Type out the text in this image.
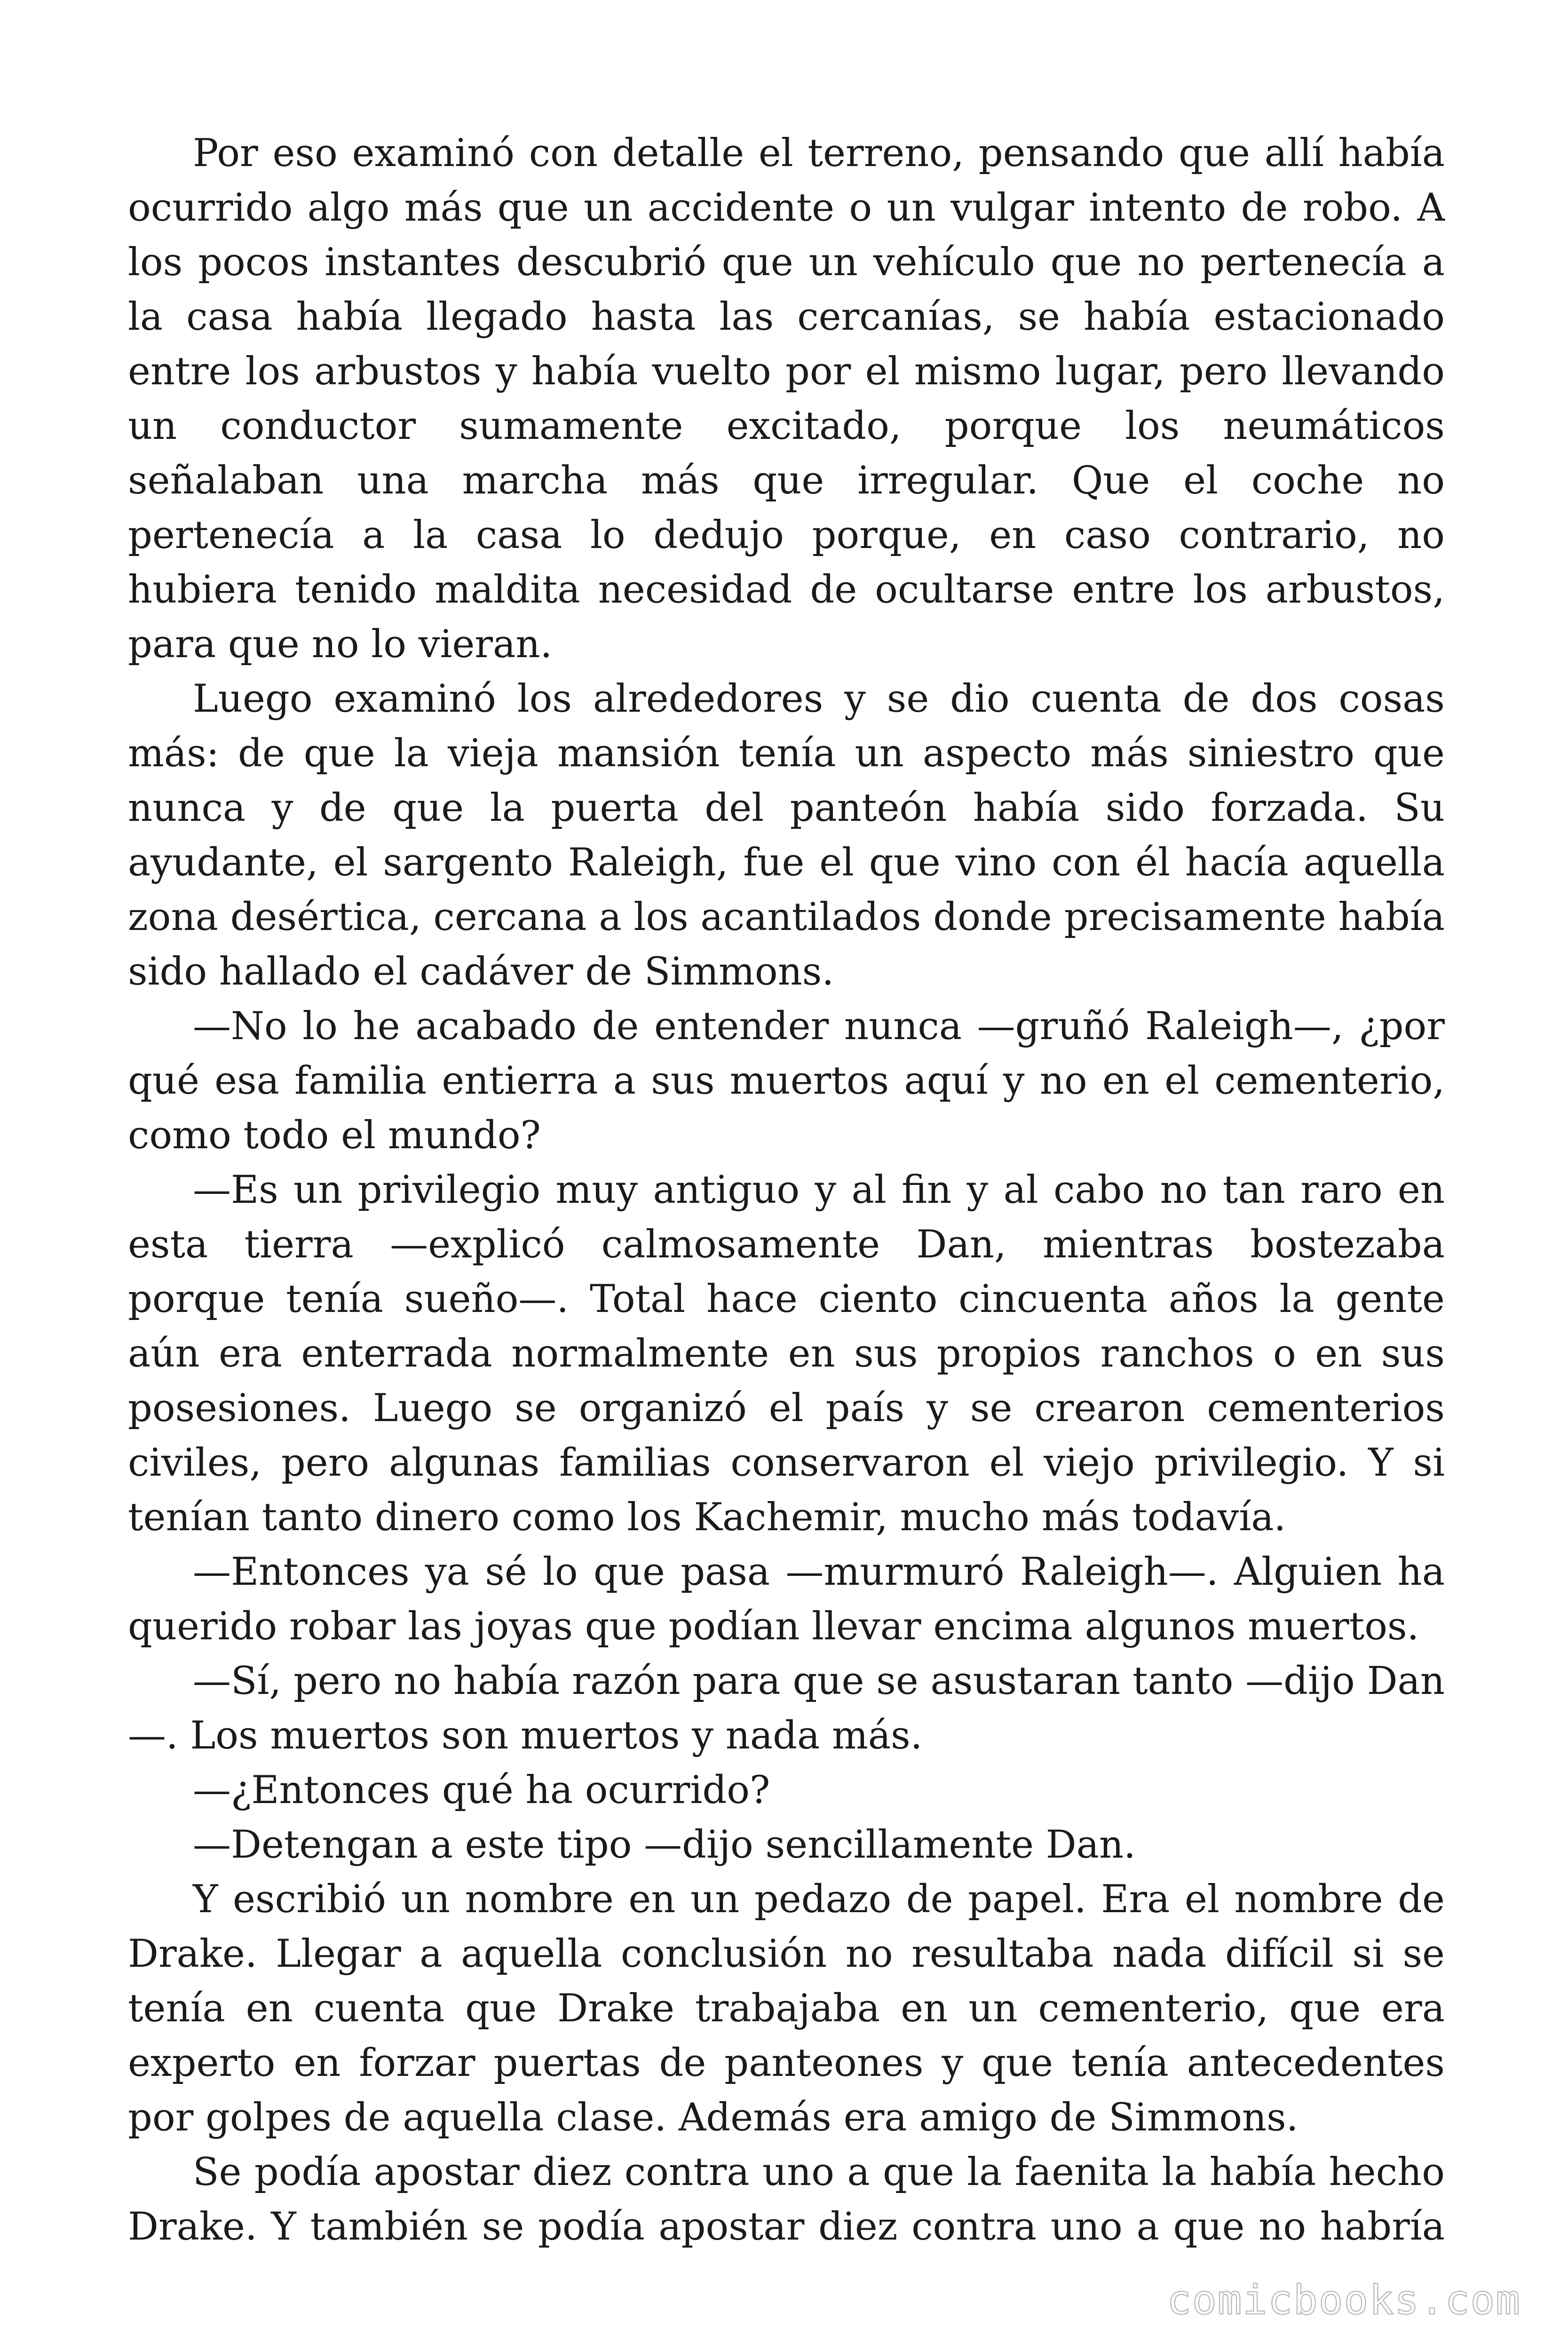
Por eso examinó con detalle el terreno, pensando que allí había ocurrido algo más que un accidente o un vulgar intento de robo. A los pocos instantes descubrió que un vehículo que no pertenecía a la casa había llegado hasta las cercanías, se había estacionado entre los arbustos y había vuelto por el mismo lugar, pero llevando un conductor sumamente excitado, porque los neumáticos señalaban una marcha más que irregular. Que el coche no pertenecía a la casa lo dedujo porque, en caso contrario, no hubiera tenido maldita necesidad de ocultarse entre los arbustos, para que no lo vieran.

Luego examinó los alrededores y se dio cuenta de dos cosas más: de que la vieja mansión tenía un aspecto más siniestro que nunca y de que la puerta del panteón había sido forzada. Su ayudante, el sargento Raleigh, fue el que vino con él hacía aquella zona desértica, cercana a los acantilados donde precisamente había sido hallado el cadáver de Simmons.

—No lo he acabado de entender nunca —gruñó Raleigh—, ¿por qué esa familia entierra a sus muertos aquí y no en el cementerio, como todo el mundo?

—Es un privilegio muy antiguo y al fin y al cabo no tan raro en esta tierra —explicó calmosamente Dan, mientras bostezaba porque tenía sueño—. Total hace ciento cincuenta años la gente aún era enterrada normalmente en sus propios ranchos o en sus posesiones. Luego se organizó el país y se crearon cementerios civiles, pero algunas familias conservaron el viejo privilegio. Y si tenían tanto dinero como los Kachemir, mucho más todavía.

—Entonces ya sé lo que pasa —murmuró Raleigh—. Alguien ha querido robar las joyas que podían llevar encima algunos muertos.

—Sí, pero no había razón para que se asustaran tanto —dijo Dan —. Los muertos son muertos y nada más.

—¿Entonces qué ha ocurrido?

—Detengan a este tipo —dijo sencillamente Dan.

Y escribió un nombre en un pedazo de papel. Era el nombre de Drake. Llegar a aquella conclusión no resultaba nada difícil si se tenía en cuenta que Drake trabajaba en un cementerio, que era experto en forzar puertas de panteones y que tenía antecedentes por golpes de aquella clase. Además era amigo de Simmons.

Se podía apostar diez contra uno a que la faenita la había hecho Drake. Y también se podía apostar diez contra uno a que no habría

comicbooks.com
